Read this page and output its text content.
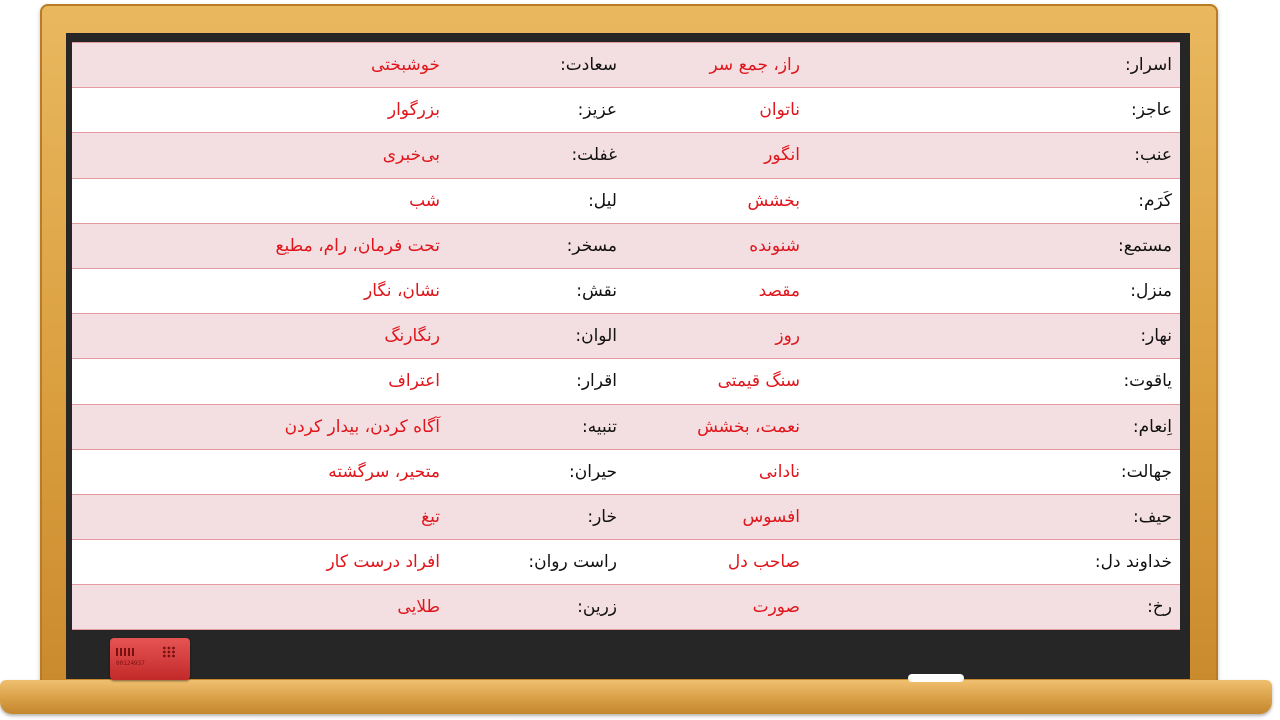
خوشبختی	سعادت:	راز، جمع سر	اسرار:
بزرگوار	عزیز:	ناتوان	عاجز:
بی‌خبری	غفلت:	انگور	عنب:
شب	لیل:	بخشش	کَرَم:
تحت فرمان، رام، مطیع	مسخر:	شنونده	مستمع:
نشان، نگار	نقش:	مقصد	منزل:
رنگارنگ	الوان:	روز	نهار:
اعتراف	اقرار:	سنگ قیمتی	یاقوت:
آگاه کردن، بیدار کردن	تنبیه:	نعمت، بخشش	اِنعام:
متحیر، سرگشته	حیران:	نادانی	جهالت:
تیغ	خار:	افسوس	حیف:
افراد درست کار	راست روان:	صاحب دل	خداوند دل:
طلایی	زرین:	صورت	رخ:
00124937
